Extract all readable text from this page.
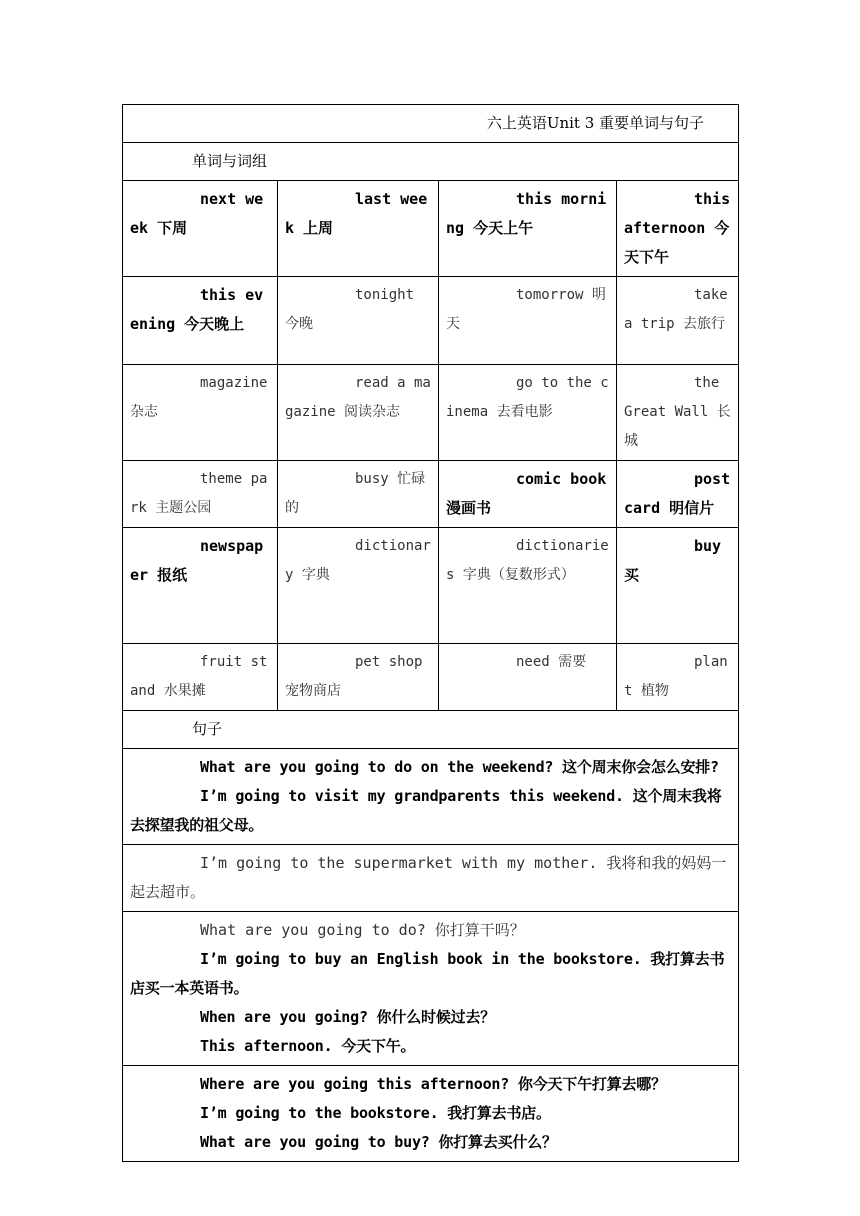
六上英语Unit 3 重要单词与句子			
单词与词组			

next week 下周	last week 上周	this morning 今天上午	this afternoon 今天下午

this evening 今天晚上	tonight 今晚	tomorrow 明天	take a trip 去旅行

magazine 杂志	read a magazine 阅读杂志	go to the cinema 去看电影	the Great Wall 长城

theme park 主题公园	busy 忙碌的	comic book 漫画书	post card 明信片

newspaper 报纸	dictionary 字典	dictionaries 字典（复数形式）	buy 买

fruit stand 水果摊	pet shop 宠物商店	need 需要	plant 植物

句子			

What are you going to do on the weekend? 这个周末你会怎么安排?

I’m going to visit my grandparents this weekend. 这个周末我将去探望我的祖父母。			

I’m going to the supermarket with my mother. 我将和我的妈妈一起去超市。			

What are you going to do? 你打算干吗？

I’m going to buy an English book in the bookstore. 我打算去书店买一本英语书。

When are you going? 你什么时候过去？

This afternoon. 今天下午。			

Where are you going this afternoon? 你今天下午打算去哪？

I’m going to the bookstore. 我打算去书店。

What are you going to buy? 你打算去买什么？			
